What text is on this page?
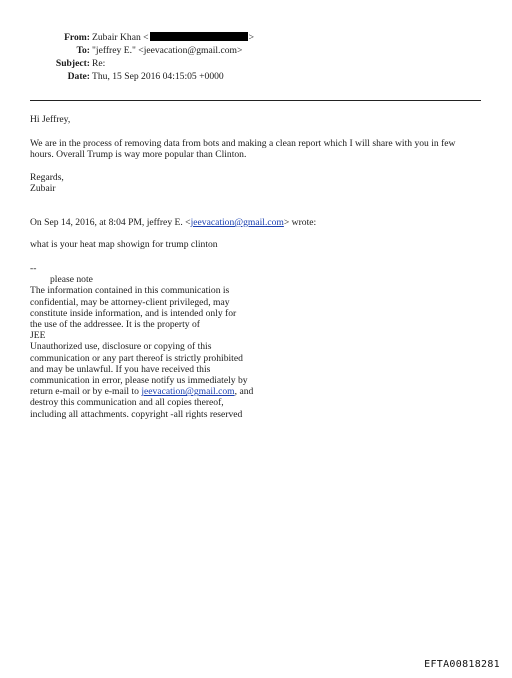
From: Zubair Khan <	>
To: "jeffrey E." <jeevacation@gmail.com>
Subject: Re:
Date: Thu, 15 Sep 2016 04:15:05 +0000
Hi Jeffrey,
We are in the process of removing data from bots and making a clean report which I will share with you in few
hours. Overall Trump is way more popular than Clinton.
Regards,
Zubair
On Sep 14, 2016, at 8:04 PM, jeffrey E. <jeevacation@gmail.com> wrote:
what is your heat map showign for trump clinton
--
please note
The information contained in this communication is
confidential, may be attorney-client privileged, may
constitute inside information, and is intended only for
the use of the addressee. It is the property of
JEE
Unauthorized use, disclosure or copying of this
communication or any part thereof is strictly prohibited
and may be unlawful. If you have received this
communication in error, please notify us immediately by
return e-mail or by e-mail to jeevacation@gmail.com, and
destroy this communication and all copies thereof,
including all attachments. copyright -all rights reserved
EFTA00818281
